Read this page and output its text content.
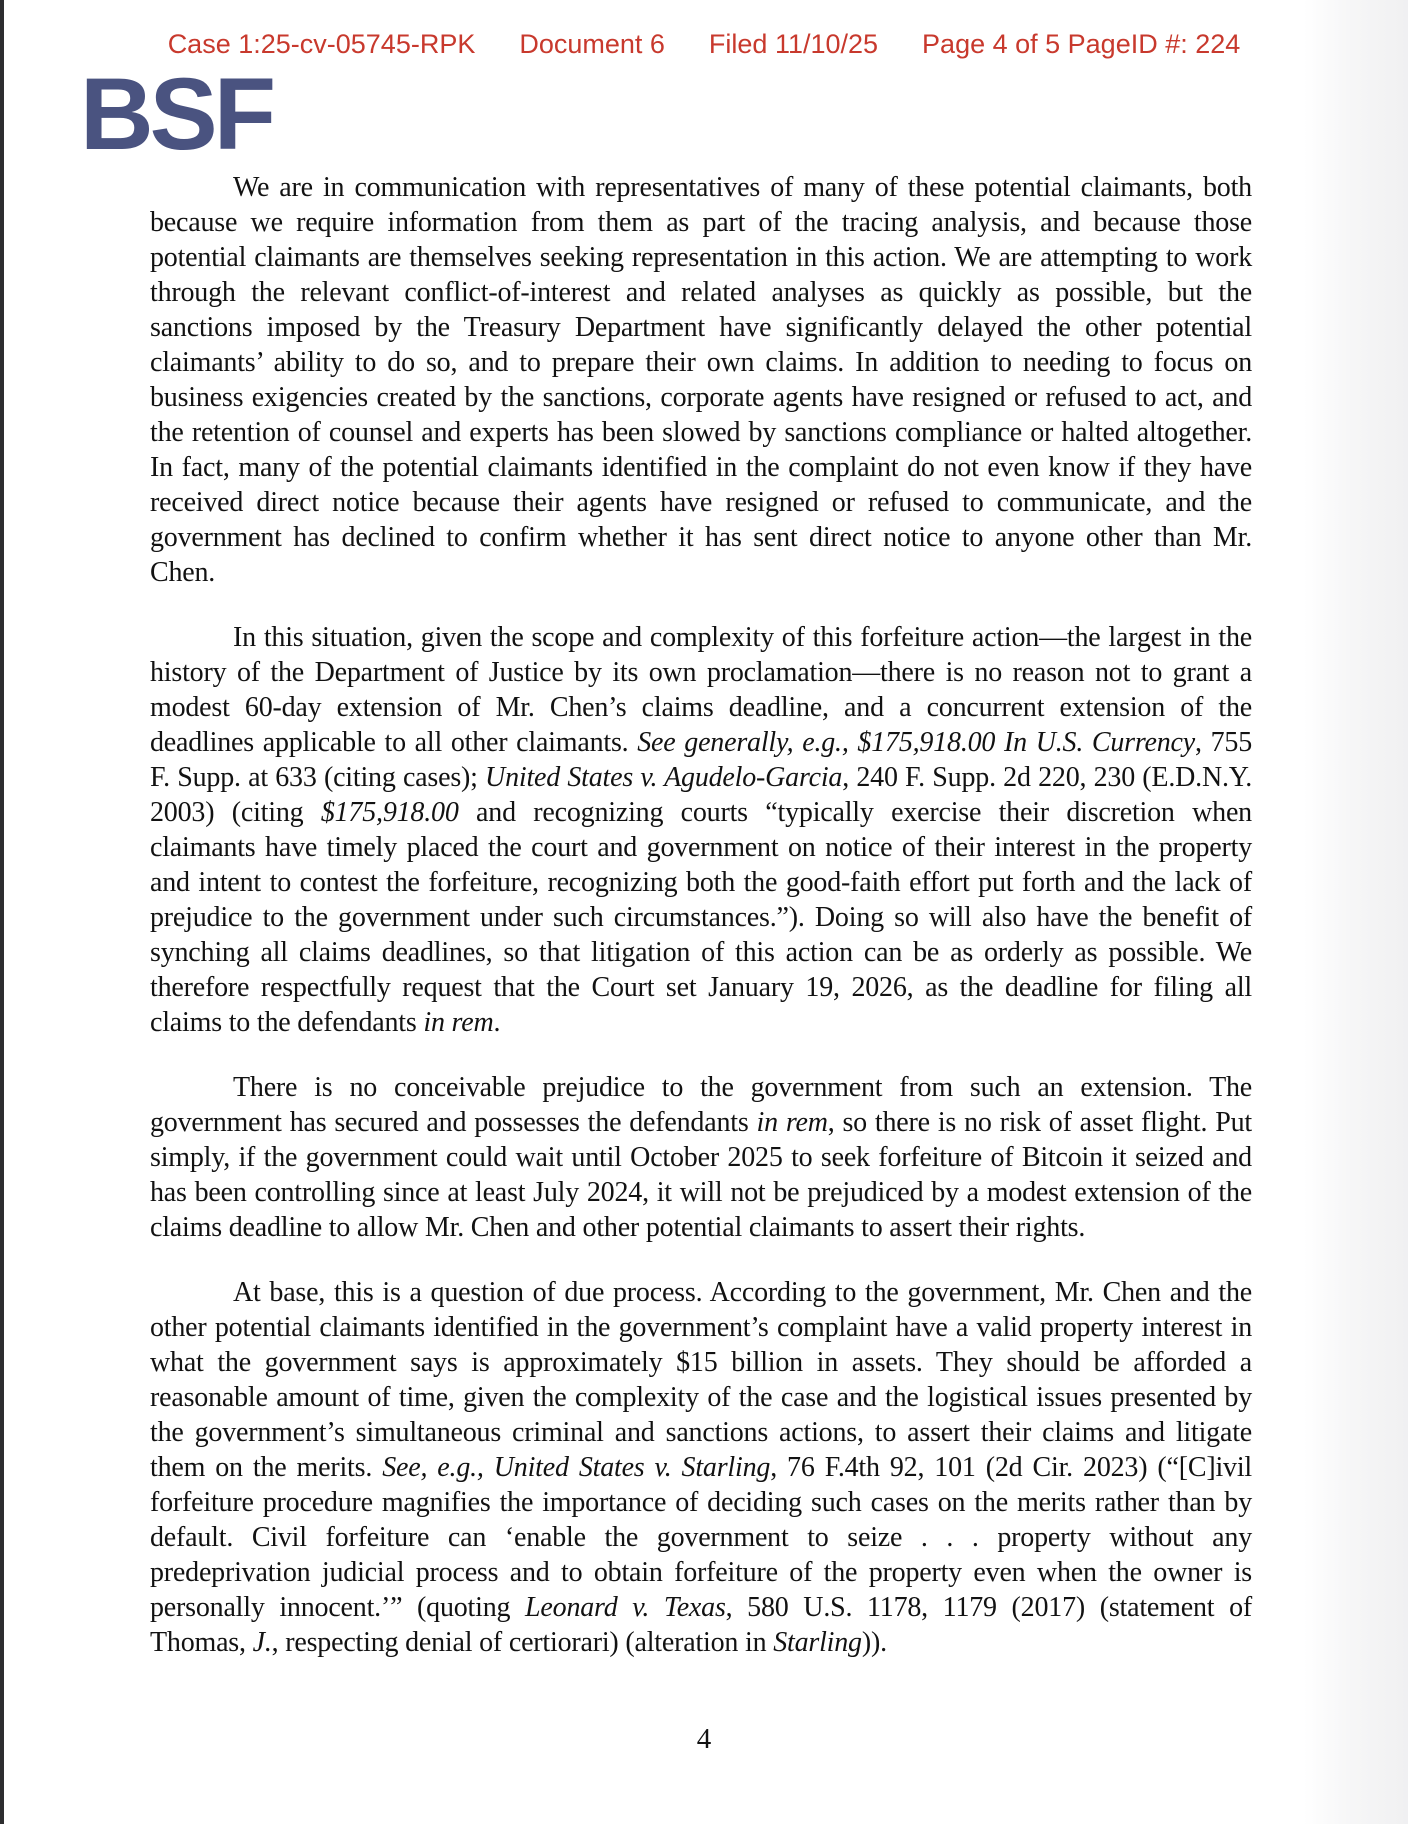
Case 1:25-cv-05745-RPK Document 6 Filed 11/10/25 Page 4 of 5 PageID #: 224
BSF

We are in communication with representatives of many of these potential claimants, both because we require information from them as part of the tracing analysis, and because those potential claimants are themselves seeking representation in this action. We are attempting to work through the relevant conflict-of-interest and related analyses as quickly as possible, but the sanctions imposed by the Treasury Department have significantly delayed the other potential claimants’ ability to do so, and to prepare their own claims. In addition to needing to focus on business exigencies created by the sanctions, corporate agents have resigned or refused to act, and the retention of counsel and experts has been slowed by sanctions compliance or halted altogether. In fact, many of the potential claimants identified in the complaint do not even know if they have received direct notice because their agents have resigned or refused to communicate, and the government has declined to confirm whether it has sent direct notice to anyone other than Mr. Chen.

In this situation, given the scope and complexity of this forfeiture action—the largest in the history of the Department of Justice by its own proclamation—there is no reason not to grant a modest 60-day extension of Mr. Chen’s claims deadline, and a concurrent extension of the deadlines applicable to all other claimants. See generally, e.g., $175,918.00 In U.S. Currency, 755 F. Supp. at 633 (citing cases); United States v. Agudelo-Garcia, 240 F. Supp. 2d 220, 230 (E.D.N.Y. 2003) (citing $175,918.00 and recognizing courts “typically exercise their discretion when claimants have timely placed the court and government on notice of their interest in the property and intent to contest the forfeiture, recognizing both the good-faith effort put forth and the lack of prejudice to the government under such circumstances.”). Doing so will also have the benefit of synching all claims deadlines, so that litigation of this action can be as orderly as possible. We therefore respectfully request that the Court set January 19, 2026, as the deadline for filing all claims to the defendants in rem.

There is no conceivable prejudice to the government from such an extension. The government has secured and possesses the defendants in rem, so there is no risk of asset flight. Put simply, if the government could wait until October 2025 to seek forfeiture of Bitcoin it seized and has been controlling since at least July 2024, it will not be prejudiced by a modest extension of the claims deadline to allow Mr. Chen and other potential claimants to assert their rights.

At base, this is a question of due process. According to the government, Mr. Chen and the other potential claimants identified in the government’s complaint have a valid property interest in what the government says is approximately $15 billion in assets. They should be afforded a reasonable amount of time, given the complexity of the case and the logistical issues presented by the government’s simultaneous criminal and sanctions actions, to assert their claims and litigate them on the merits. See, e.g., United States v. Starling, 76 F.4th 92, 101 (2d Cir. 2023) (“[C]ivil forfeiture procedure magnifies the importance of deciding such cases on the merits rather than by default. Civil forfeiture can ‘enable the government to seize . . . property without any predeprivation judicial process and to obtain forfeiture of the property even when the owner is personally innocent.’” (quoting Leonard v. Texas, 580 U.S. 1178, 1179 (2017) (statement of Thomas, J., respecting denial of certiorari) (alteration in Starling)).

4
